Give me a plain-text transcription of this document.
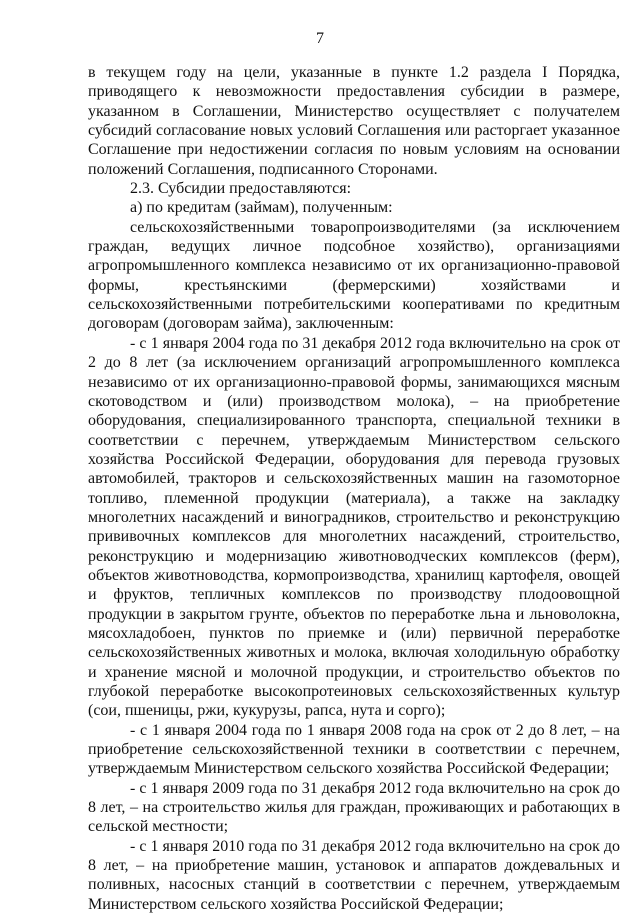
7

в текущем году на цели, указанные в пункте 1.2 раздела I Порядка, приводящего к невозможности предоставления субсидии в размере, указанном в Соглашении, Министерство осуществляет с получателем субсидий согласование новых условий Соглашения или расторгает указанное Соглашение при недостижении согласия по новым условиям на основании положений Соглашения, подписанного Сторонами.

2.3. Субсидии предоставляются:

а) по кредитам (займам), полученным:

сельскохозяйственными товаропроизводителями (за исключением граждан, ведущих личное подсобное хозяйство), организациями агропромышленного комплекса независимо от их организационно-правовой формы, крестьянскими (фермерскими) хозяйствами и сельскохозяйственными потребительскими кооперативами по кредитным договорам (договорам займа), заключенным:

- с 1 января 2004 года по 31 декабря 2012 года включительно на срок от 2 до 8 лет (за исключением организаций агропромышленного комплекса независимо от их организационно-правовой формы, занимающихся мясным скотоводством и (или) производством молока), – на приобретение оборудования, специализированного транспорта, специальной техники в соответствии с перечнем, утверждаемым Министерством сельского хозяйства Российской Федерации, оборудования для перевода грузовых автомобилей, тракторов и сельскохозяйственных машин на газомоторное топливо, племенной продукции (материала), а также на закладку многолетних насаждений и виноградников, строительство и реконструкцию прививочных комплексов для многолетних насаждений, строительство, реконструкцию и модернизацию животноводческих комплексов (ферм), объектов животноводства, кормопроизводства, хранилищ картофеля, овощей и фруктов, тепличных комплексов по производству плодоовощной продукции в закрытом грунте, объектов по переработке льна и льноволокна, мясохладобоен, пунктов по приемке и (или) первичной переработке сельскохозяйственных животных и молока, включая холодильную обработку и хранение мясной и молочной продукции, и строительство объектов по глубокой переработке высокопротеиновых сельскохозяйственных культур (сои, пшеницы, ржи, кукурузы, рапса, нута и сорго);

- с 1 января 2004 года по 1 января 2008 года на срок от 2 до 8 лет, – на приобретение сельскохозяйственной техники в соответствии с перечнем, утверждаемым Министерством сельского хозяйства Российской Федерации;

- с 1 января 2009 года по 31 декабря 2012 года включительно на срок до 8 лет, – на строительство жилья для граждан, проживающих и работающих в сельской местности;

- с 1 января 2010 года по 31 декабря 2012 года включительно на срок до 8 лет, – на приобретение машин, установок и аппаратов дождевальных и поливных, насосных станций в соответствии с перечнем, утверждаемым Министерством сельского хозяйства Российской Федерации;
